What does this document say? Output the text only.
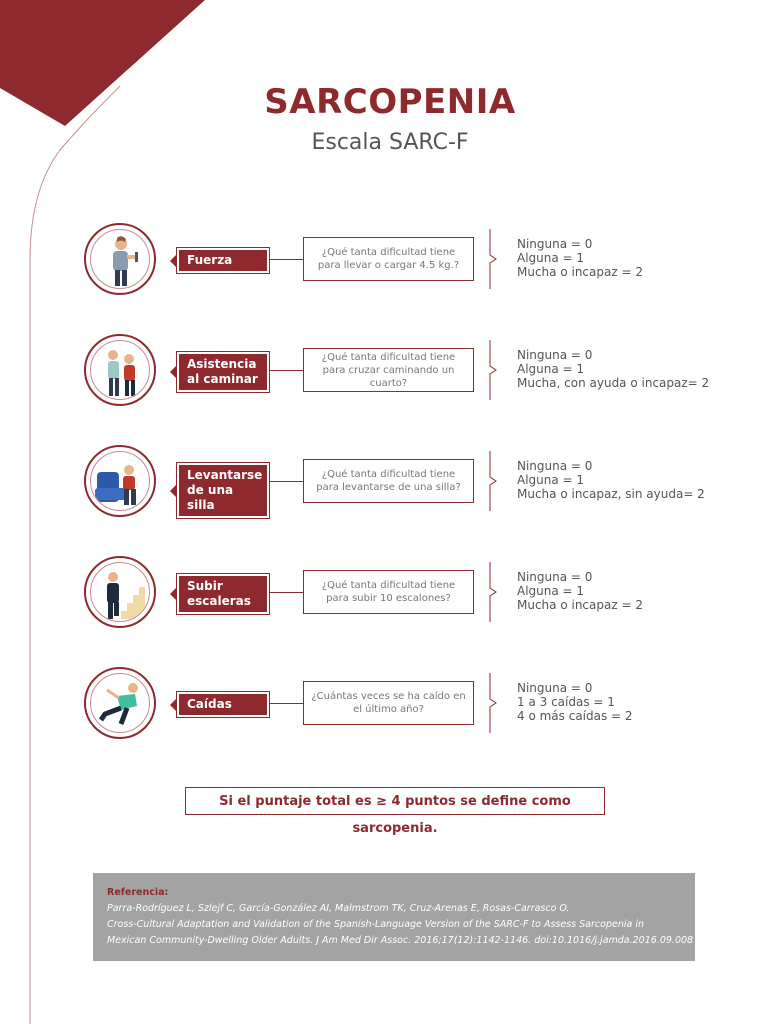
SARCOPENIA
Escala SARC-F
Fuerza
¿Qué tanta dificultad tiene para llevar o cargar 4.5 kg.?
Ninguna = 0
Alguna = 1
Mucha o incapaz = 2
Asistencia al caminar
¿Qué tanta dificultad tiene para cruzar caminando un cuarto?
Ninguna = 0
Alguna = 1
Mucha, con ayuda o incapaz= 2
Levantarse de una silla
¿Qué tanta dificultad tiene para levantarse de una silla?
Ninguna = 0
Alguna = 1
Mucha o incapaz, sin ayuda= 2
Subir escaleras
¿Qué tanta dificultad tiene para subir 10 escalones?
Ninguna = 0
Alguna = 1
Mucha o incapaz = 2
Caídas
¿Cuántas veces se ha caído en el último año?
Ninguna = 0
1 a 3 caídas = 1
4 o más caídas = 2
Si el puntaje total es ≥ 4 puntos se define como sarcopenia.
Referencia:
Parra-Rodríguez L, Szlejf C, García-González AI, Malmstrom TK, Cruz-Arenas E, Rosas-Carrasco O.
Cross-Cultural Adaptation and Validation of the Spanish-Language Version of the SARC-F to Assess Sarcopenia in
Mexican Community-Dwelling Older Adults. J Am Med Dir Assoc. 2016;17(12):1142-1146. doi:10.1016/j.jamda.2016.09.008
